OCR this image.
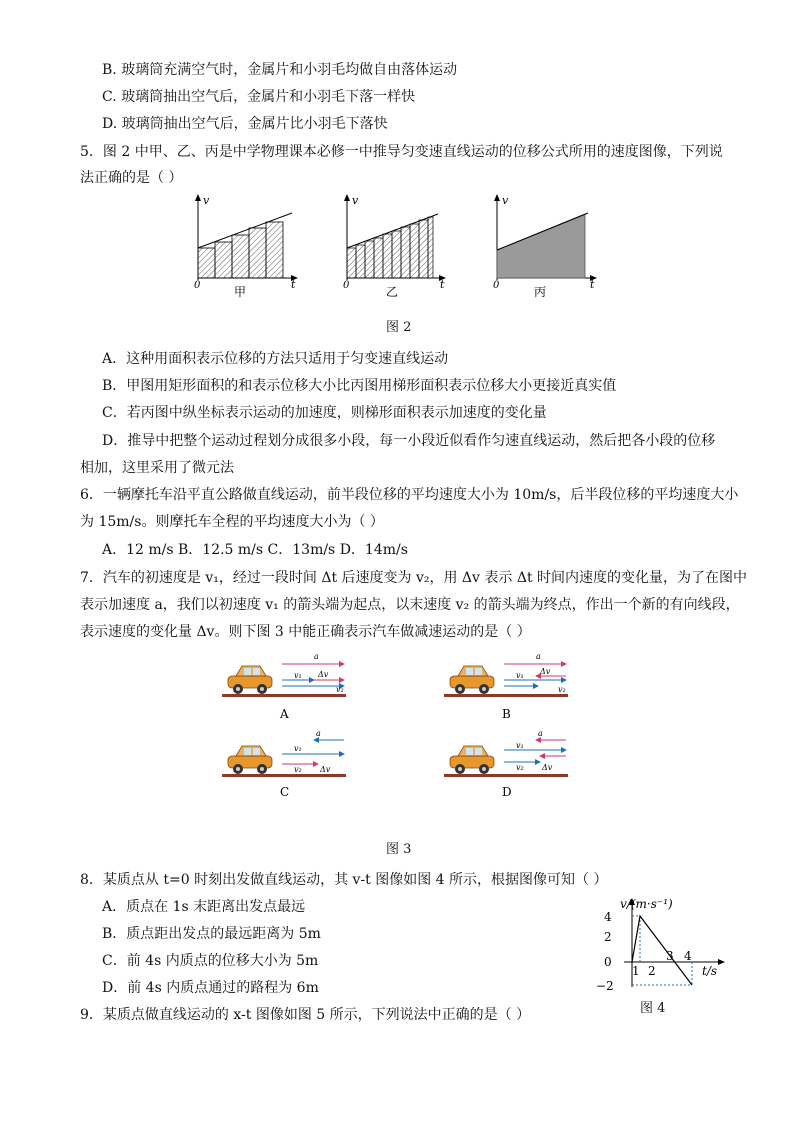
B. 玻璃筒充满空气时，金属片和小羽毛均做自由落体运动
C. 玻璃筒抽出空气后，金属片和小羽毛下落一样快
D. 玻璃筒抽出空气后，金属片比小羽毛下落快
5．图 2 中甲、乙、丙是中学物理课本必修一中推导匀变速直线运动的位移公式所用的速度图像，下列说
法正确的是（ ）
v
t
0	甲
v
t
0	乙
v
t
0	丙
图 2
A．这种用面积表示位移的方法只适用于匀变速直线运动
B．甲图用矩形面积的和表示位移大小比丙图用梯形面积表示位移大小更接近真实值
C．若丙图中纵坐标表示运动的加速度，则梯形面积表示加速度的变化量
D．推导中把整个运动过程划分成很多小段，每一小段近似看作匀速直线运动，然后把各小段的位移
相加，这里采用了微元法
6．一辆摩托车沿平直公路做直线运动，前半段位移的平均速度大小为 10m/s，后半段位移的平均速度大小
为 15m/s。则摩托车全程的平均速度大小为（ ）
A．12 m/s B．12.5 m/s C．13m/s D．14m/s
7．汽车的初速度是 v₁，经过一段时间 Δt 后速度变为 v₂，用 Δv 表示 Δt 时间内速度的变化量，为了在图中
表示加速度 a，我们以初速度 v₁ 的箭头端为起点，以末速度 v₂ 的箭头端为终点，作出一个新的有向线段，
表示速度的变化量 Δv。则下图 3 中能正确表示汽车做减速运动的是（ ）
a
v₁ Δv
v₂
A
a
v₁ Δv
v₂
B
a
v₁
v₂ Δv
C
a
v₁
Δv
v₂
D
图 3
8．某质点从 t=0 时刻出发做直线运动，其 v-t 图像如图 4 所示，根据图像可知（ ）
A．质点在 1s 末距离出发点最远
B．质点距出发点的最远距离为 5m
C．前 4s 内质点的位移大小为 5m
D．前 4s 内质点通过的路程为 6m
v/(m·s⁻¹)
t/s
4
2
0
−2
1 2
3 4
图 4
9．某质点做直线运动的 x-t 图像如图 5 所示，下列说法中正确的是（ ）
